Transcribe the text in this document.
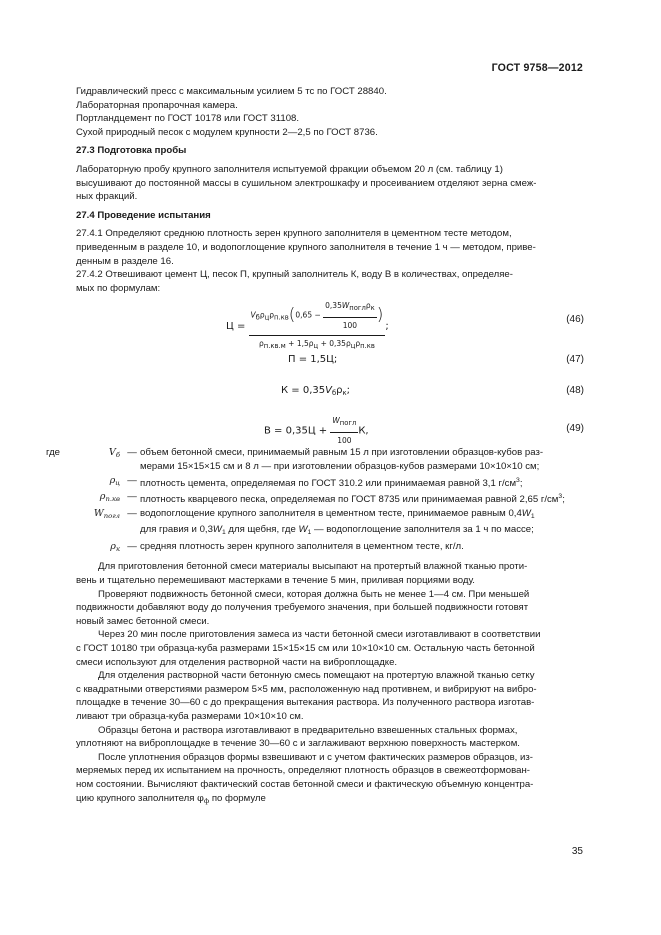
ГОСТ 9758—2012

Гидравлический пресс с максимальным усилием 5 тс по ГОСТ 28840.

Лабораторная пропарочная камера.

Портландцемент по ГОСТ 10178 или ГОСТ 31108.

Сухой природный песок с модулем крупности 2—2,5 по ГОСТ 8736.

27.3 Подготовка пробы

Лабораторную пробу крупного заполнителя испытуемой фракции объемом 20 л (см. таблицу 1)

высушивают до постоянной массы в сушильном электрошкафу и просеиванием отделяют зерна смеж-

ных фракций.

27.4 Проведение испытания

27.4.1 Определяют среднюю плотность зерен крупного заполнителя в цементном тесте методом,

приведенным в разделе 10, и водопоглощение крупного заполнителя в течение 1 ч — методом, приве-

денным в разделе 16.

27.4.2 Отвешивают цемент Ц, песок П, крупный заполнитель К, воду В в количествах, определяе-

мых по формулам:

Ц =
$Vб\rho ц\rho п.кв(0,65 - \frac{\text{0,35Wпоглρк}}{100}$ )
ρп.кв.м + 1,5ρц + 0,35ρцρп.кв
;
(46)
П = 1,5Ц;	(47)
$К = 0,35V_б\rho_к$;	(48)
$В = 0,35Ц + \frac{\text{Wпогл}}{100} К$,	(49)
где	$V_б$ — объем бетонной смеси, принимаемый равным 15 л при изготовлении образцов-кубов раз-
мерами 15×15×15 см и 8 л — при изготовлении образцов-кубов размерами 10×10×10 см;
$\rho_ц$ — плотность цемента, определяемая по ГОСТ 310.2 или принимаемая равной 3,1 $г/см^3$;
$\rho_{п.кв}$ — плотность кварцевого песка, определяемая по ГОСТ 8735 или принимаемая равной 2,65 $г/см^3$;
$W_{погл}$ — водопоглощение крупного заполнителя в цементном тесте, принимаемое равным $0,4W_1$
для гравия и $0,3W_1$ для щебня, где $W_1$ — водопоглощение заполнителя за 1 ч по массе;
$\rho_к$ — средняя плотность зерен крупного заполнителя в цементном тесте, кг/л.

Для приготовления бетонной смеси материалы высыпают на протертый влажной тканью проти-

вень и тщательно перемешивают мастерками в течение 5 мин, приливая порциями воду.

Проверяют подвижность бетонной смеси, которая должна быть не менее 1—4 см. При меньшей

подвижности добавляют воду до получения требуемого значения, при большей подвижности готовят

новый замес бетонной смеси.

Через 20 мин после приготовления замеса из части бетонной смеси изготавливают в соответствии

с ГОСТ 10180 три образца-куба размерами 15×15×15 см или 10×10×10 см. Остальную часть бетонной

смеси используют для отделения растворной части на виброплощадке.

Для отделения растворной части бетонную смесь помещают на протертую влажной тканью сетку

с квадратными отверстиями размером 5×5 мм, расположенную над противнем, и вибрируют на вибро-

площадке в течение 30—60 с до прекращения вытекания раствора. Из полученного раствора изготав-

ливают три образца-куба размерами 10×10×10 см.

Образцы бетона и раствора изготавливают в предварительно взвешенных стальных формах,

уплотняют на виброплощадке в течение 30—60 с и заглаживают верхнюю поверхность мастерком.

После уплотнения образцов формы взвешивают и с учетом фактических размеров образцов, из-

меряемых перед их испытанием на прочность, определяют плотность образцов в свежеотформован-

ном состоянии. Вычисляют фактический состав бетонной смеси и фактическую объемную концентра-

цию крупного заполнителя $\varphi_ф$ по формуле

35
